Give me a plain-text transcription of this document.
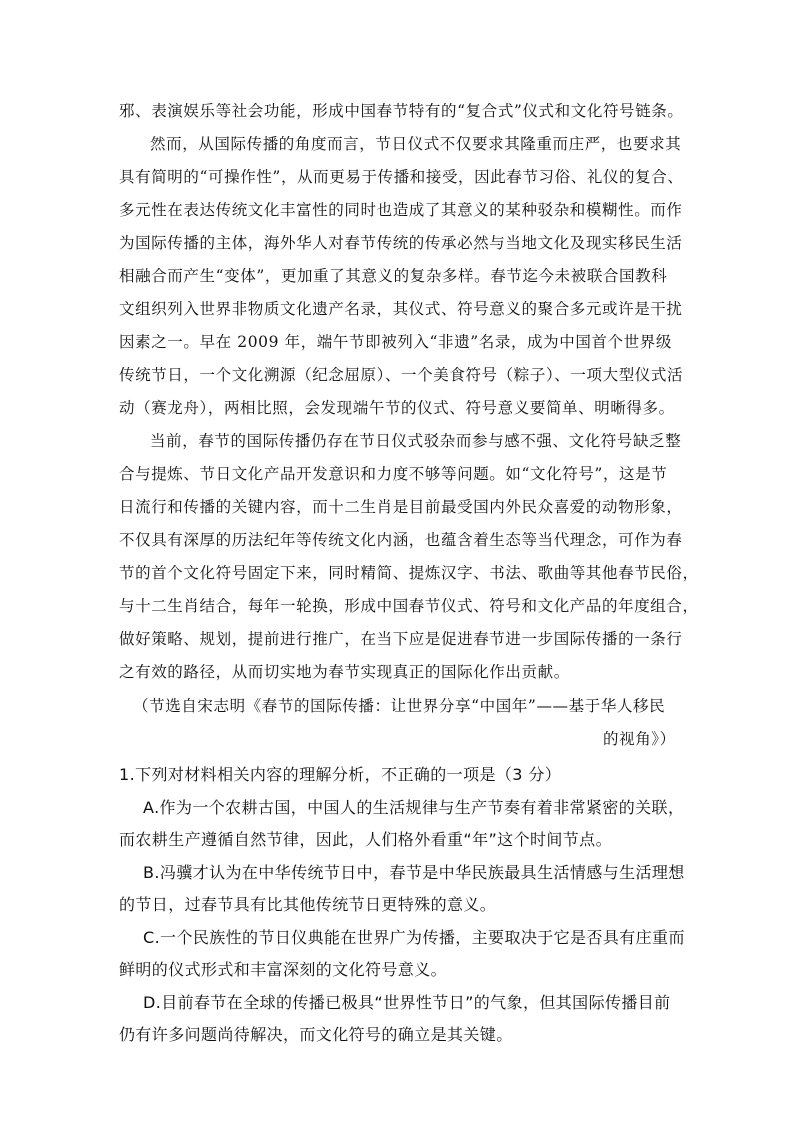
邪、表演娱乐等社会功能，形成中国春节特有的“复合式”仪式和文化符号链条。
然而，从国际传播的角度而言，节日仪式不仅要求其隆重而庄严，也要求其
具有简明的“可操作性”，从而更易于传播和接受，因此春节习俗、礼仪的复合、
多元性在表达传统文化丰富性的同时也造成了其意义的某种驳杂和模糊性。而作
为国际传播的主体，海外华人对春节传统的传承必然与当地文化及现实移民生活
相融合而产生“变体”，更加重了其意义的复杂多样。春节迄今未被联合国教科
文组织列入世界非物质文化遗产名录，其仪式、符号意义的聚合多元或许是干扰
因素之一。早在 2009 年，端午节即被列入“非遗”名录，成为中国首个世界级
传统节日，一个文化溯源（纪念屈原）、一个美食符号（粽子）、一项大型仪式活
动（赛龙舟），两相比照，会发现端午节的仪式、符号意义要简单、明晰得多。
当前，春节的国际传播仍存在节日仪式驳杂而参与感不强、文化符号缺乏整
合与提炼、节日文化产品开发意识和力度不够等问题。如“文化符号”，这是节
日流行和传播的关键内容，而十二生肖是目前最受国内外民众喜爱的动物形象，
不仅具有深厚的历法纪年等传统文化内涵，也蕴含着生态等当代理念，可作为春
节的首个文化符号固定下来，同时精简、提炼汉字、书法、歌曲等其他春节民俗，
与十二生肖结合，每年一轮换，形成中国春节仪式、符号和文化产品的年度组合，
做好策略、规划，提前进行推广，在当下应是促进春节进一步国际传播的一条行
之有效的路径，从而切实地为春节实现真正的国际化作出贡献。
（节选自宋志明《春节的国际传播：让世界分享“中国年”——基于华人移民
的视角》）
1.下列对材料相关内容的理解分析，不正确的一项是（3 分）
A.作为一个农耕古国，中国人的生活规律与生产节奏有着非常紧密的关联，
而农耕生产遵循自然节律，因此，人们格外看重“年”这个时间节点。
B.冯骥才认为在中华传统节日中，春节是中华民族最具生活情感与生活理想
的节日，过春节具有比其他传统节日更特殊的意义。
C.一个民族性的节日仪典能在世界广为传播，主要取决于它是否具有庄重而
鲜明的仪式形式和丰富深刻的文化符号意义。
D.目前春节在全球的传播已极具“世界性节日”的气象，但其国际传播目前
仍有许多问题尚待解决，而文化符号的确立是其关键。
